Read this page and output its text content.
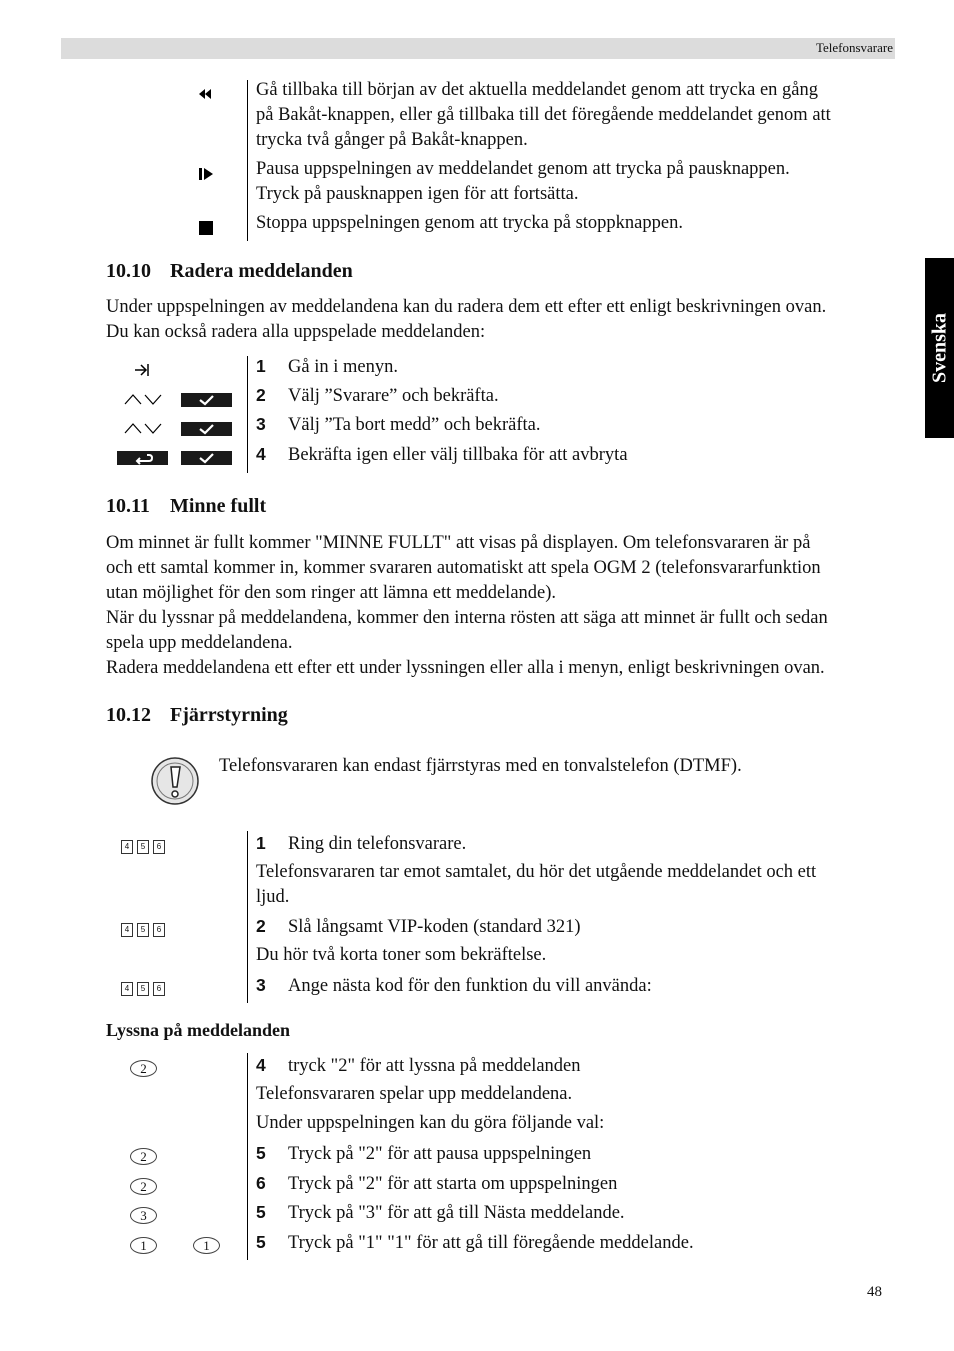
Telefonsvarare
Svenska
Gå tillbaka till början av det aktuella meddelandet genom att trycka en gång
på Bakåt-knappen, eller gå tillbaka till det föregående meddelandet genom att
trycka två gånger på Bakåt-knappen.
Pausa uppspelningen av meddelandet genom att trycka på pausknappen.
Tryck på pausknappen igen för att fortsätta.
Stoppa uppspelningen genom att trycka på stoppknappen.
10.10 Radera meddelanden
Under uppspelningen av meddelandena kan du radera dem ett efter ett enligt beskrivningen ovan.
Du kan också radera alla uppspelade meddelanden:
1 Gå in i menyn.
2 Välj ”Svarare” och bekräfta.
3 Välj ”Ta bort medd” och bekräfta.
4 Bekräfta igen eller välj tillbaka för att avbryta
10.11 Minne fullt
Om minnet är fullt kommer "MINNE FULLT" att visas på displayen. Om telefonsvararen är på
och ett samtal kommer in, kommer svararen automatiskt att spela OGM 2 (telefonsvararfunktion
utan möjlighet för den som ringer att lämna ett meddelande).
När du lyssnar på meddelandena, kommer den interna rösten att säga att minnet är fullt och sedan
spela upp meddelandena.
Radera meddelandena ett efter ett under lyssningen eller alla i menyn, enligt beskrivningen ovan.
10.12 Fjärrstyrning
Telefonsvararen kan endast fjärrstyras med en tonvalstelefon (DTMF).
4	5	6	1 Ring din telefonsvarare.
Telefonsvararen tar emot samtalet, du hör det utgående meddelandet och ett
ljud.
4	5	6	2 Slå långsamt VIP-koden (standard 321)
Du hör två korta toner som bekräftelse.
4	5	6	3 Ange nästa kod för den funktion du vill använda:
Lyssna på meddelanden
2	4 tryck "2" för att lyssna på meddelanden
Telefonsvararen spelar upp meddelandena.
Under uppspelningen kan du göra följande val:
2	5 Tryck på "2" för att pausa uppspelningen
2	6 Tryck på "2" för att starta om uppspelningen
3	5 Tryck på "3" för att gå till Nästa meddelande.
1	1	5 Tryck på "1" "1" för att gå till föregående meddelande.
48
